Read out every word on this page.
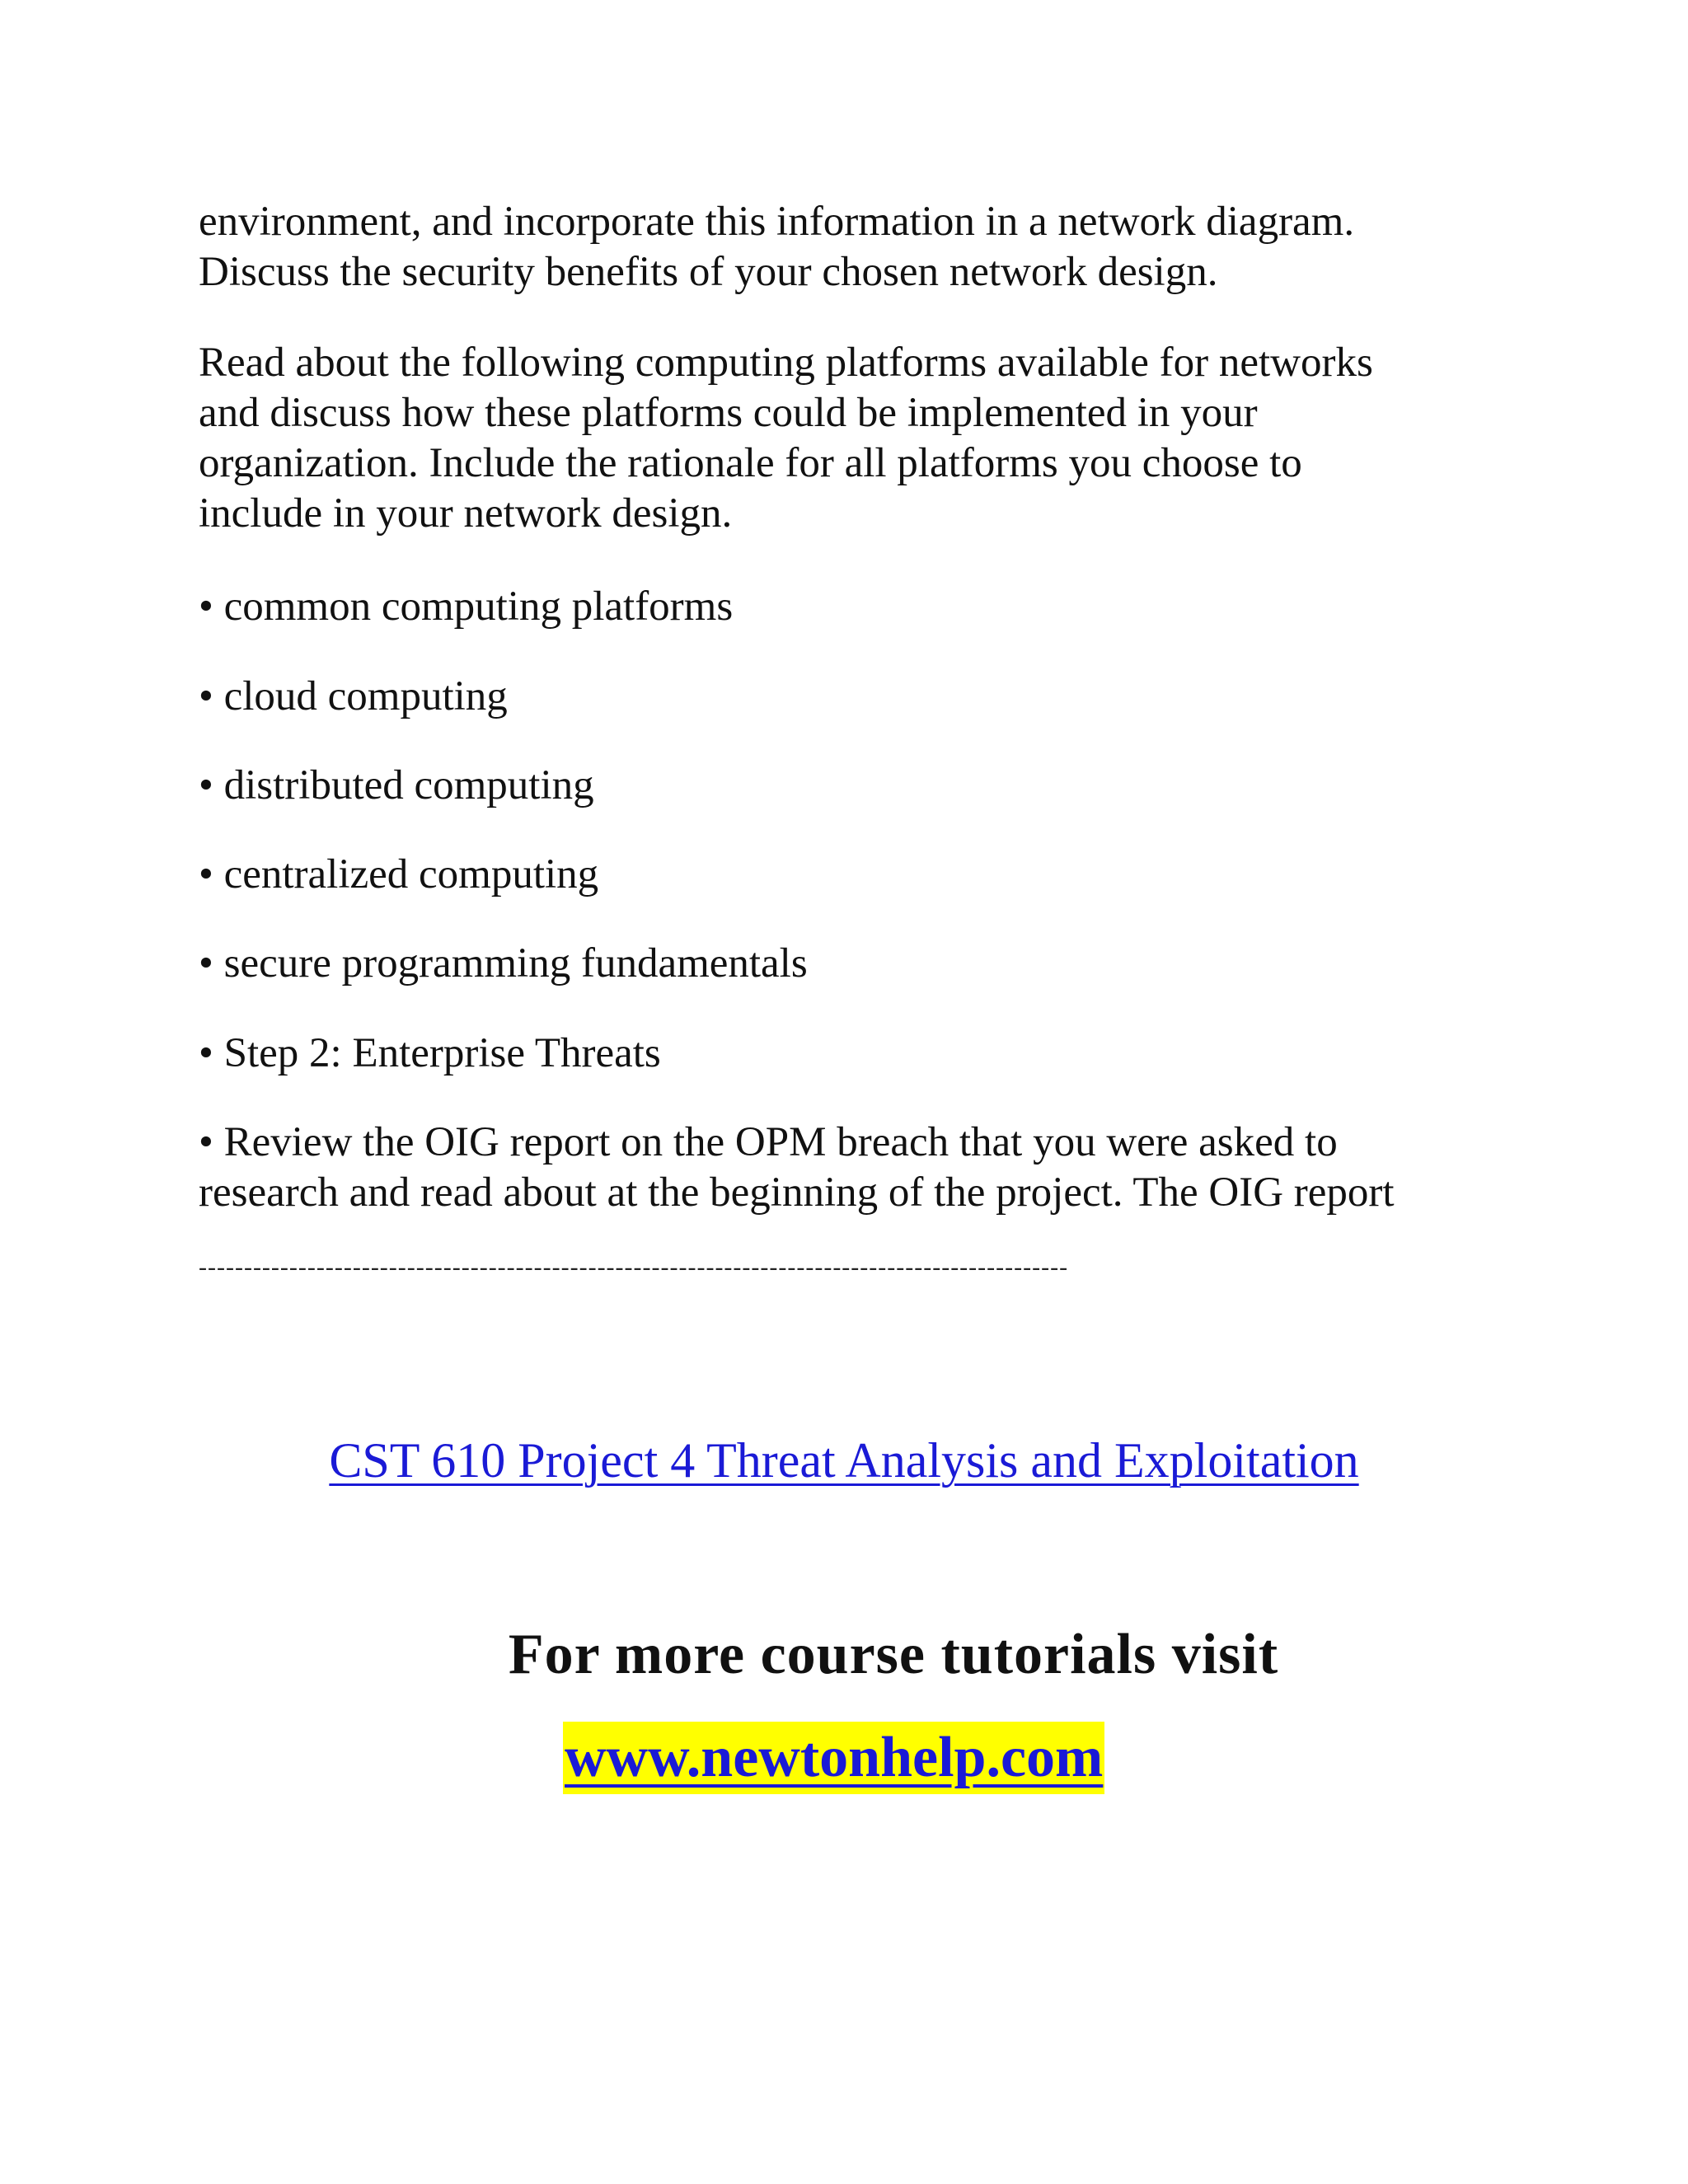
environment, and incorporate this information in a network diagram.
Discuss the security benefits of your chosen network design.
Read about the following computing platforms available for networks
and discuss how these platforms could be implemented in your
organization. Include the rationale for all platforms you choose to
include in your network design.
• common computing platforms
• cloud computing
• distributed computing
• centralized computing
• secure programming fundamentals
• Step 2: Enterprise Threats
• Review the OIG report on the OPM breach that you were asked to
research and read about at the beginning of the project. The OIG report
------------------------------------------------------------------------------------------------
CST 610 Project 4 Threat Analysis and Exploitation
For more course tutorials visit
www.newtonhelp.com
